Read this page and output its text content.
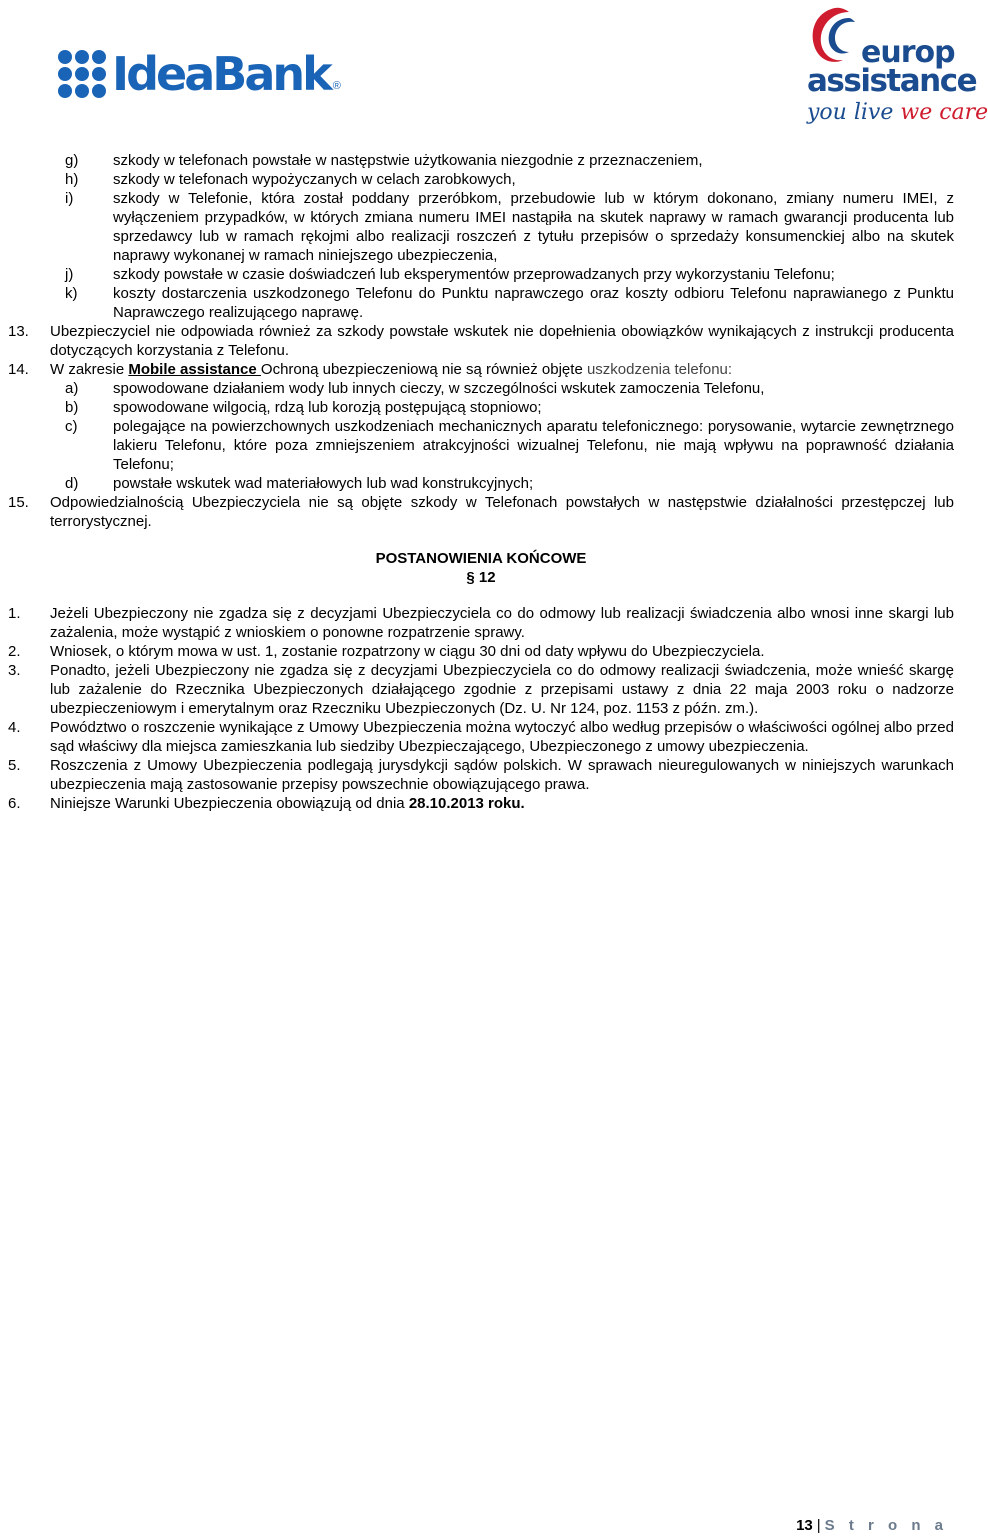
IdeaBank ®
europ
assistance
you live we care
g)	szkody w telefonach powstałe w następstwie użytkowania niezgodnie z przeznaczeniem,
h)	szkody w telefonach wypożyczanych w celach zarobkowych,
i)	szkody w Telefonie, która został poddany przeróbkom, przebudowie lub w którym dokonano, zmiany numeru IMEI, z wyłączeniem przypadków, w których zmiana numeru IMEI nastąpiła na skutek naprawy w ramach gwarancji producenta lub sprzedawcy lub w ramach rękojmi albo realizacji roszczeń z tytułu przepisów o sprzedaży konsumenckiej albo na skutek naprawy wykonanej w ramach niniejszego ubezpieczenia,
j)	szkody powstałe w czasie doświadczeń lub eksperymentów przeprowadzanych przy wykorzystaniu Telefonu;
k)	koszty dostarczenia uszkodzonego Telefonu do Punktu naprawczego oraz koszty odbioru Telefonu naprawianego z Punktu Naprawczego realizującego naprawę.
13.	Ubezpieczyciel nie odpowiada również za szkody powstałe wskutek nie dopełnienia obowiązków wynikających z instrukcji producenta dotyczących korzystania z Telefonu.
14.	W zakresie Mobile assistance Ochroną ubezpieczeniową nie są również objęte uszkodzenia telefonu:
a)	spowodowane działaniem wody lub innych cieczy, w szczególności wskutek zamoczenia Telefonu,
b)	spowodowane wilgocią, rdzą lub korozją postępującą stopniowo;
c)	polegające na powierzchownych uszkodzeniach mechanicznych aparatu telefonicznego: porysowanie, wytarcie zewnętrznego lakieru Telefonu, które poza zmniejszeniem atrakcyjności wizualnej Telefonu, nie mają wpływu na poprawność działania Telefonu;
d)	powstałe wskutek wad materiałowych lub wad konstrukcyjnych;
15.	Odpowiedzialnością Ubezpieczyciela nie są objęte szkody w Telefonach powstałych w następstwie działalności przestępczej lub terrorystycznej.
POSTANOWIENIA KOŃCOWE
§ 12
1.	Jeżeli Ubezpieczony nie zgadza się z decyzjami Ubezpieczyciela co do odmowy lub realizacji świadczenia albo wnosi inne skargi lub zażalenia, może wystąpić z wnioskiem o ponowne rozpatrzenie sprawy.
2.	Wniosek, o którym mowa w ust. 1, zostanie rozpatrzony w ciągu 30 dni od daty wpływu do Ubezpieczyciela.
3.	Ponadto, jeżeli Ubezpieczony nie zgadza się z decyzjami Ubezpieczyciela co do odmowy realizacji świadczenia, może wnieść skargę lub zażalenie do Rzecznika Ubezpieczonych działającego zgodnie z przepisami ustawy z dnia 22 maja 2003 roku o nadzorze ubezpieczeniowym i emerytalnym oraz Rzeczniku Ubezpieczonych (Dz. U. Nr 124, poz. 1153 z późn. zm.).
4.	Powództwo o roszczenie wynikające z Umowy Ubezpieczenia można wytoczyć albo według przepisów o właściwości ogólnej albo przed sąd właściwy dla miejsca zamieszkania lub siedziby Ubezpieczającego, Ubezpieczonego z umowy ubezpieczenia.
5.	Roszczenia z Umowy Ubezpieczenia podlegają jurysdykcji sądów polskich. W sprawach nieuregulowanych w niniejszych warunkach ubezpieczenia mają zastosowanie przepisy powszechnie obowiązującego prawa.
6.	Niniejsze Warunki Ubezpieczenia obowiązują od dnia 28.10.2013 roku.
13 | S t r o n a
